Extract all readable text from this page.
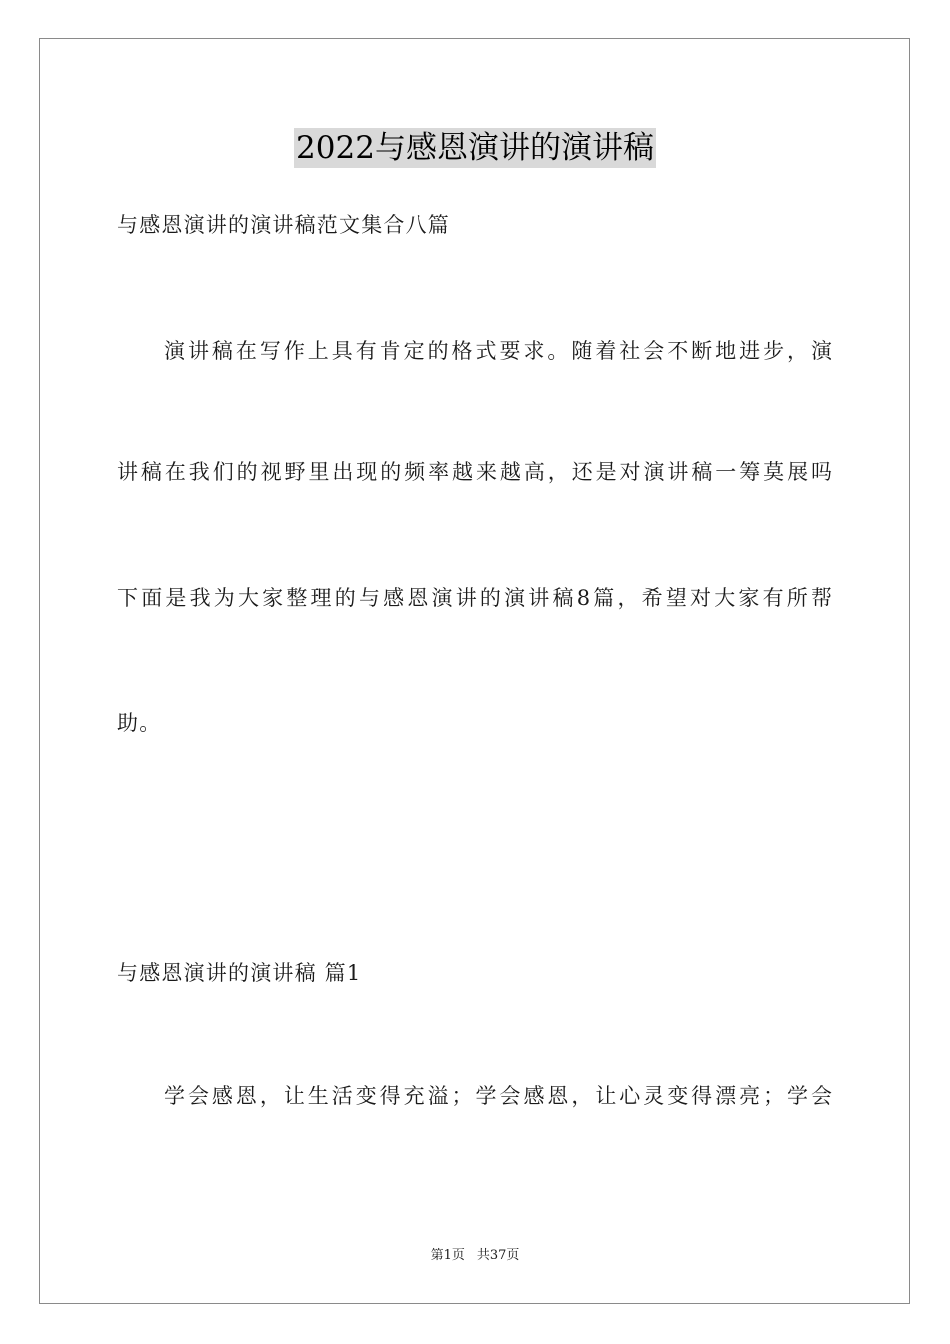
2022与感恩演讲的演讲稿
与感恩演讲的演讲稿范文集合八篇
演讲稿在写作上具有肯定的格式要求。随着社会不断地进步，演
讲稿在我们的视野里出现的频率越来越高，还是对演讲稿一筹莫展吗
下面是我为大家整理的与感恩演讲的演讲稿8篇，希望对大家有所帮
助。
与感恩演讲的演讲稿 篇1
学会感恩，让生活变得充溢；学会感恩，让心灵变得漂亮；学会
第1页 共37页
